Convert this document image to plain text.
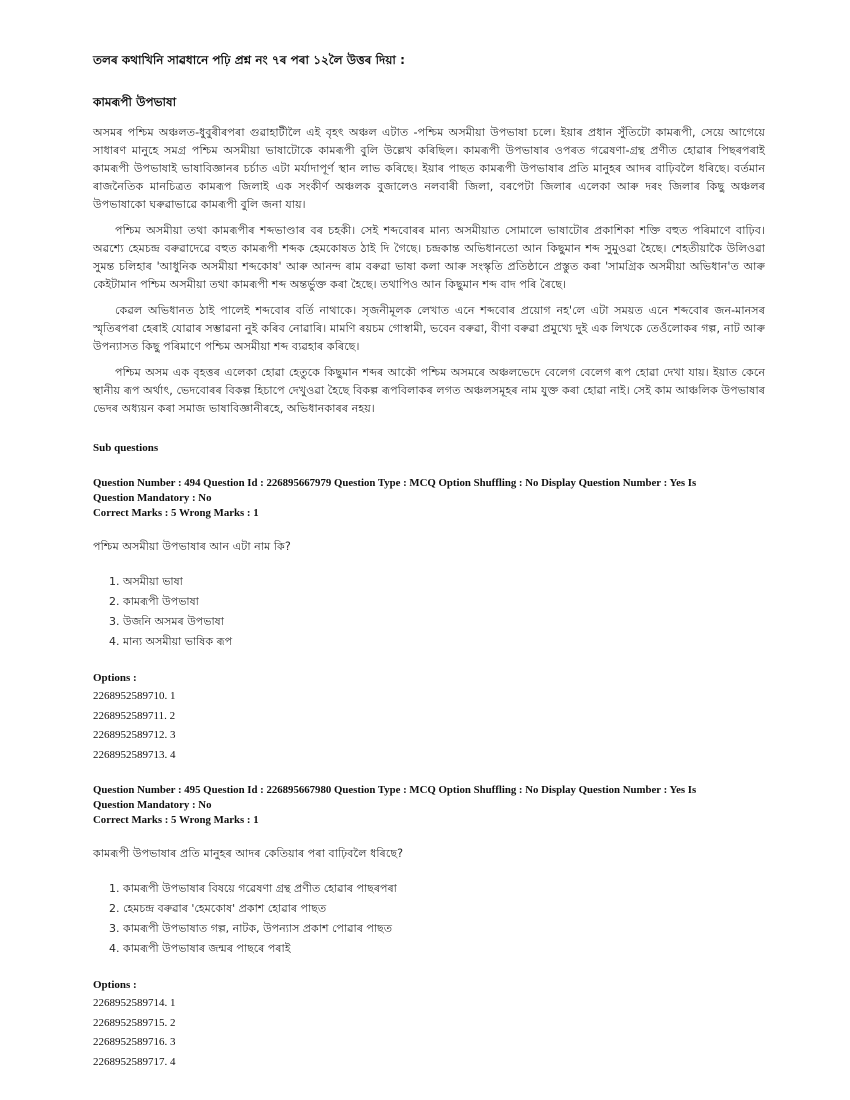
তলৰ কথাখিনি সাৱধানে পঢ়ি প্ৰশ্ন নং ৭ৰ পৰা ১২লৈ উত্তৰ দিয়া :

কামৰূপী উপভাষা

অসমৰ পশ্চিম অঞ্চলত-ধুবুৰীৰপৰা গুৱাহাটীলৈ এই বৃহৎ অঞ্চল এটাত -পশ্চিম অসমীয়া উপভাষা চলে। ইয়াৰ প্ৰধান সুঁতিটো কামৰূপী, সেয়ে আগেয়ে সাধাৰণ মানুহে সমগ্ৰ পশ্চিম অসমীয়া ভাষাটোকে কামৰূপী বুলি উল্লেখ কৰিছিল। কামৰূপী উপভাষাৰ ওপৰত গৱেষণা-গ্ৰন্থ প্ৰণীত হোৱাৰ পিছৰপৰাই কামৰূপী উপভাষাই ভাষাবিজ্ঞানৰ চৰ্চাত এটা মৰ্যাদাপূৰ্ণ স্থান লাভ কৰিছে। ইয়াৰ পাছত কামৰূপী উপভাষাৰ প্ৰতি মানুহৰ আদৰ বাঢ়িবলৈ ধৰিছে। বৰ্তমান ৰাজনৈতিক মানচিত্ৰত কামৰূপ জিলাই এক সংকীৰ্ণ অঞ্চলক বুজালেও নলবাৰী জিলা, বৰপেটা জিলাৰ এলেকা আৰু দৰং জিলাৰ কিছু অঞ্চলৰ উপভাষাকো ঘৰুৱাভাৱে কামৰূপী বুলি জনা যায়।

পশ্চিম অসমীয়া তথা কামৰূপীৰ শব্দভাণ্ডাৰ বৰ চহকী। সেই শব্দবোৰৰ মান্য অসমীয়াত সোমালে ভাষাটোৰ প্ৰকাশিকা শক্তি বহুত পৰিমাণে বাঢ়িব। অৱশ্যে হেমচন্দ্ৰ বৰুৱাদেৱে বহুত কামৰূপী শব্দক হেমকোষত ঠাই দি গৈছে। চন্দ্ৰকান্ত অভিধানতো আন কিছুমান শব্দ সুমুওৱা হৈছে। শেহতীয়াকৈ উলিওৱা সুমন্ত চলিহাৰ 'আধুনিক অসমীয়া শব্দকোষ' আৰু আনন্দ ৰাম বৰুৱা ভাষা কলা আৰু সংস্কৃতি প্ৰতিষ্ঠানে প্ৰস্তুত কৰা 'সামগ্ৰিক অসমীয়া অভিধান'ত আৰু কেইটামান পশ্চিম অসমীয়া তথা কামৰূপী শব্দ অন্তৰ্ভুক্ত কৰা হৈছে। তথাপিও আন কিছুমান শব্দ বাদ পৰি ৰৈছে।

কেৱল অভিধানত ঠাই পালেই শব্দবোৰ বৰ্তি নাথাকে। সৃজনীমূলক লেখাত এনে শব্দবোৰ প্ৰয়োগ নহ'লে এটা সময়ত এনে শব্দবোৰ জন-মানসৰ স্মৃতিৰপৰা হেৰাই যোৱাৰ সম্ভাৱনা নুই কৰিব নোৱাৰি। মামণি ৰয়চম গোস্বামী, ভবেন বৰুৱা, বীণা বৰুৱা প্ৰমুখ্যে দুই এক লিখকে তেওঁলোকৰ গল্প, নাট আৰু উপন্যাসত কিছু পৰিমাণে পশ্চিম অসমীয়া শব্দ ব্যৱহাৰ কৰিছে।

পশ্চিম অসম এক বৃহত্তৰ এলেকা হোৱা হেতুকে কিছুমান শব্দৰ আকৌ পশ্চিম অসমৰে অঞ্চলভেদে বেলেগ বেলেগ ৰূপ হোৱা দেখা যায়। ইয়াত কেনে স্থানীয় ৰূপ অৰ্থাৎ, ভেদবোৰৰ বিকল্প হিচাপে দেখুওৱা হৈছে বিকল্প ৰূপবিলাকৰ লগত অঞ্চলসমূহৰ নাম যুক্ত কৰা হোৱা নাই। সেই কাম আঞ্চলিক উপভাষাৰ ভেদৰ অধ্যয়ন কৰা সমাজ ভাষাবিজ্ঞানীৰহে, অভিধানকাৰৰ নহয়।

Sub questions

Question Number : 494 Question Id : 226895667979 Question Type : MCQ Option Shuffling : No Display Question Number : Yes Is

Question Mandatory : No

Correct Marks : 5 Wrong Marks : 1

পশ্চিম অসমীয়া উপভাষাৰ আন এটা নাম কি?

1. অসমীয়া ভাষা
2. কামৰূপী উপভাষা
3. উজনি অসমৰ উপভাষা
4. মান্য অসমীয়া ভাষিক ৰূপ

Options :

2268952589710. 1
2268952589711. 2
2268952589712. 3
2268952589713. 4

Question Number : 495 Question Id : 226895667980 Question Type : MCQ Option Shuffling : No Display Question Number : Yes Is

Question Mandatory : No

Correct Marks : 5 Wrong Marks : 1

কামৰূপী উপভাষাৰ প্ৰতি মানুহৰ আদৰ কেতিয়াৰ পৰা বাঢ়িবলৈ ধৰিছে?

1. কামৰূপী উপভাষাৰ বিষয়ে গৱেষণা গ্ৰন্থ প্ৰণীত হোৱাৰ পাছৰপৰা
2. হেমচন্দ্ৰ বৰুৱাৰ 'হেমকোষ' প্ৰকাশ হোৱাৰ পাছত
3. কামৰূপী উপভাষাত গল্প, নাটক, উপন্যাস প্ৰকাশ পোৱাৰ পাছত
4. কামৰূপী উপভাষাৰ জন্মৰ পাছৰে পৰাই

Options :

2268952589714. 1
2268952589715. 2
2268952589716. 3
2268952589717. 4
